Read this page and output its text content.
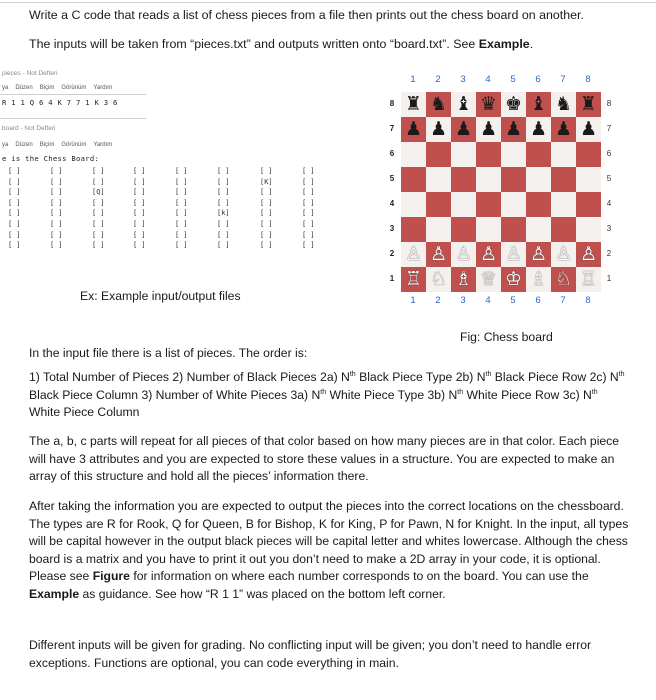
Write a C code that reads a list of chess pieces from a file then prints out the chess board on another.
The inputs will be taken from “pieces.txt” and outputs written onto “board.txt”. See Example.
pieces - Not Defteri
ya Düzen Biçim Görünüm Yardım
R 1 1 Q 6 4 K 7 7 1 K 3 6
board - Not Defteri
ya Düzen Biçim Görünüm Yardım
e is the Chess Board:
[ ]	[ ]	[ ]	[ ]	[ ]	[ ]	[ ]	[ ]
[ ]	[ ]	[ ]	[ ]	[ ]	[ ]	[K]	[ ]
[ ]	[ ]	[Q]	[ ]	[ ]	[ ]	[ ]	[ ]
[ ]	[ ]	[ ]	[ ]	[ ]	[ ]	[ ]	[ ]
[ ]	[ ]	[ ]	[ ]	[ ]	[k]	[ ]	[ ]
[ ]	[ ]	[ ]	[ ]	[ ]	[ ]	[ ]	[ ]
[ ]	[ ]	[ ]	[ ]	[ ]	[ ]	[ ]	[ ]
[ ]	[ ]	[ ]	[ ]	[ ]	[ ]	[ ]	[ ]
Ex: Example input/output files
1
1
2
2
3
3
4
4
5
5
6
6
7
7
8
8
8	8
7	7
6	6
5	5
4	4
3	3
2	2
1	1
♜ ♞ ♝ ♛ ♚ ♝ ♞ ♜
♟ ♟ ♟ ♟ ♟ ♟ ♟ ♟
♙ ♙ ♙ ♙ ♙ ♙ ♙ ♙
♖ ♘ ♗ ♕ ♔ ♗ ♘ ♖
Fig: Chess board
In the input file there is a list of pieces. The order is:
1) Total Number of Pieces 2) Number of Black Pieces 2a) $N^{th}$ Black Piece Type 2b) $N^{th}$ Black Piece Row 2c) $N^{th}$ Black Piece Column 3) Number of White Pieces 3a) $N^{th}$ White Piece Type 3b) $N^{th}$ White Piece Row 3c) $N^{th}$ White Piece Column
The a, b, c parts will repeat for all pieces of that color based on how many pieces are in that color. Each piece will have 3 attributes and you are expected to store these values in a structure. You are expected to make an array of this structure and hold all the pieces’ information there.
After taking the information you are expected to output the pieces into the correct locations on the chessboard. The types are R for Rook, Q for Queen, B for Bishop, K for King, P for Pawn, N for Knight. In the input, all types will be capital however in the output black pieces will be capital letter and whites lowercase. Although the chess board is a matrix and you have to print it out you don’t need to make a 2D array in your code, it is optional. Please see Figure for information on where each number corresponds to on the board. You can use the Example as guidance. See how “R 1 1” was placed on the bottom left corner.
Different inputs will be given for grading. No conflicting input will be given; you don’t need to handle error exceptions. Functions are optional, you can code everything in main.
